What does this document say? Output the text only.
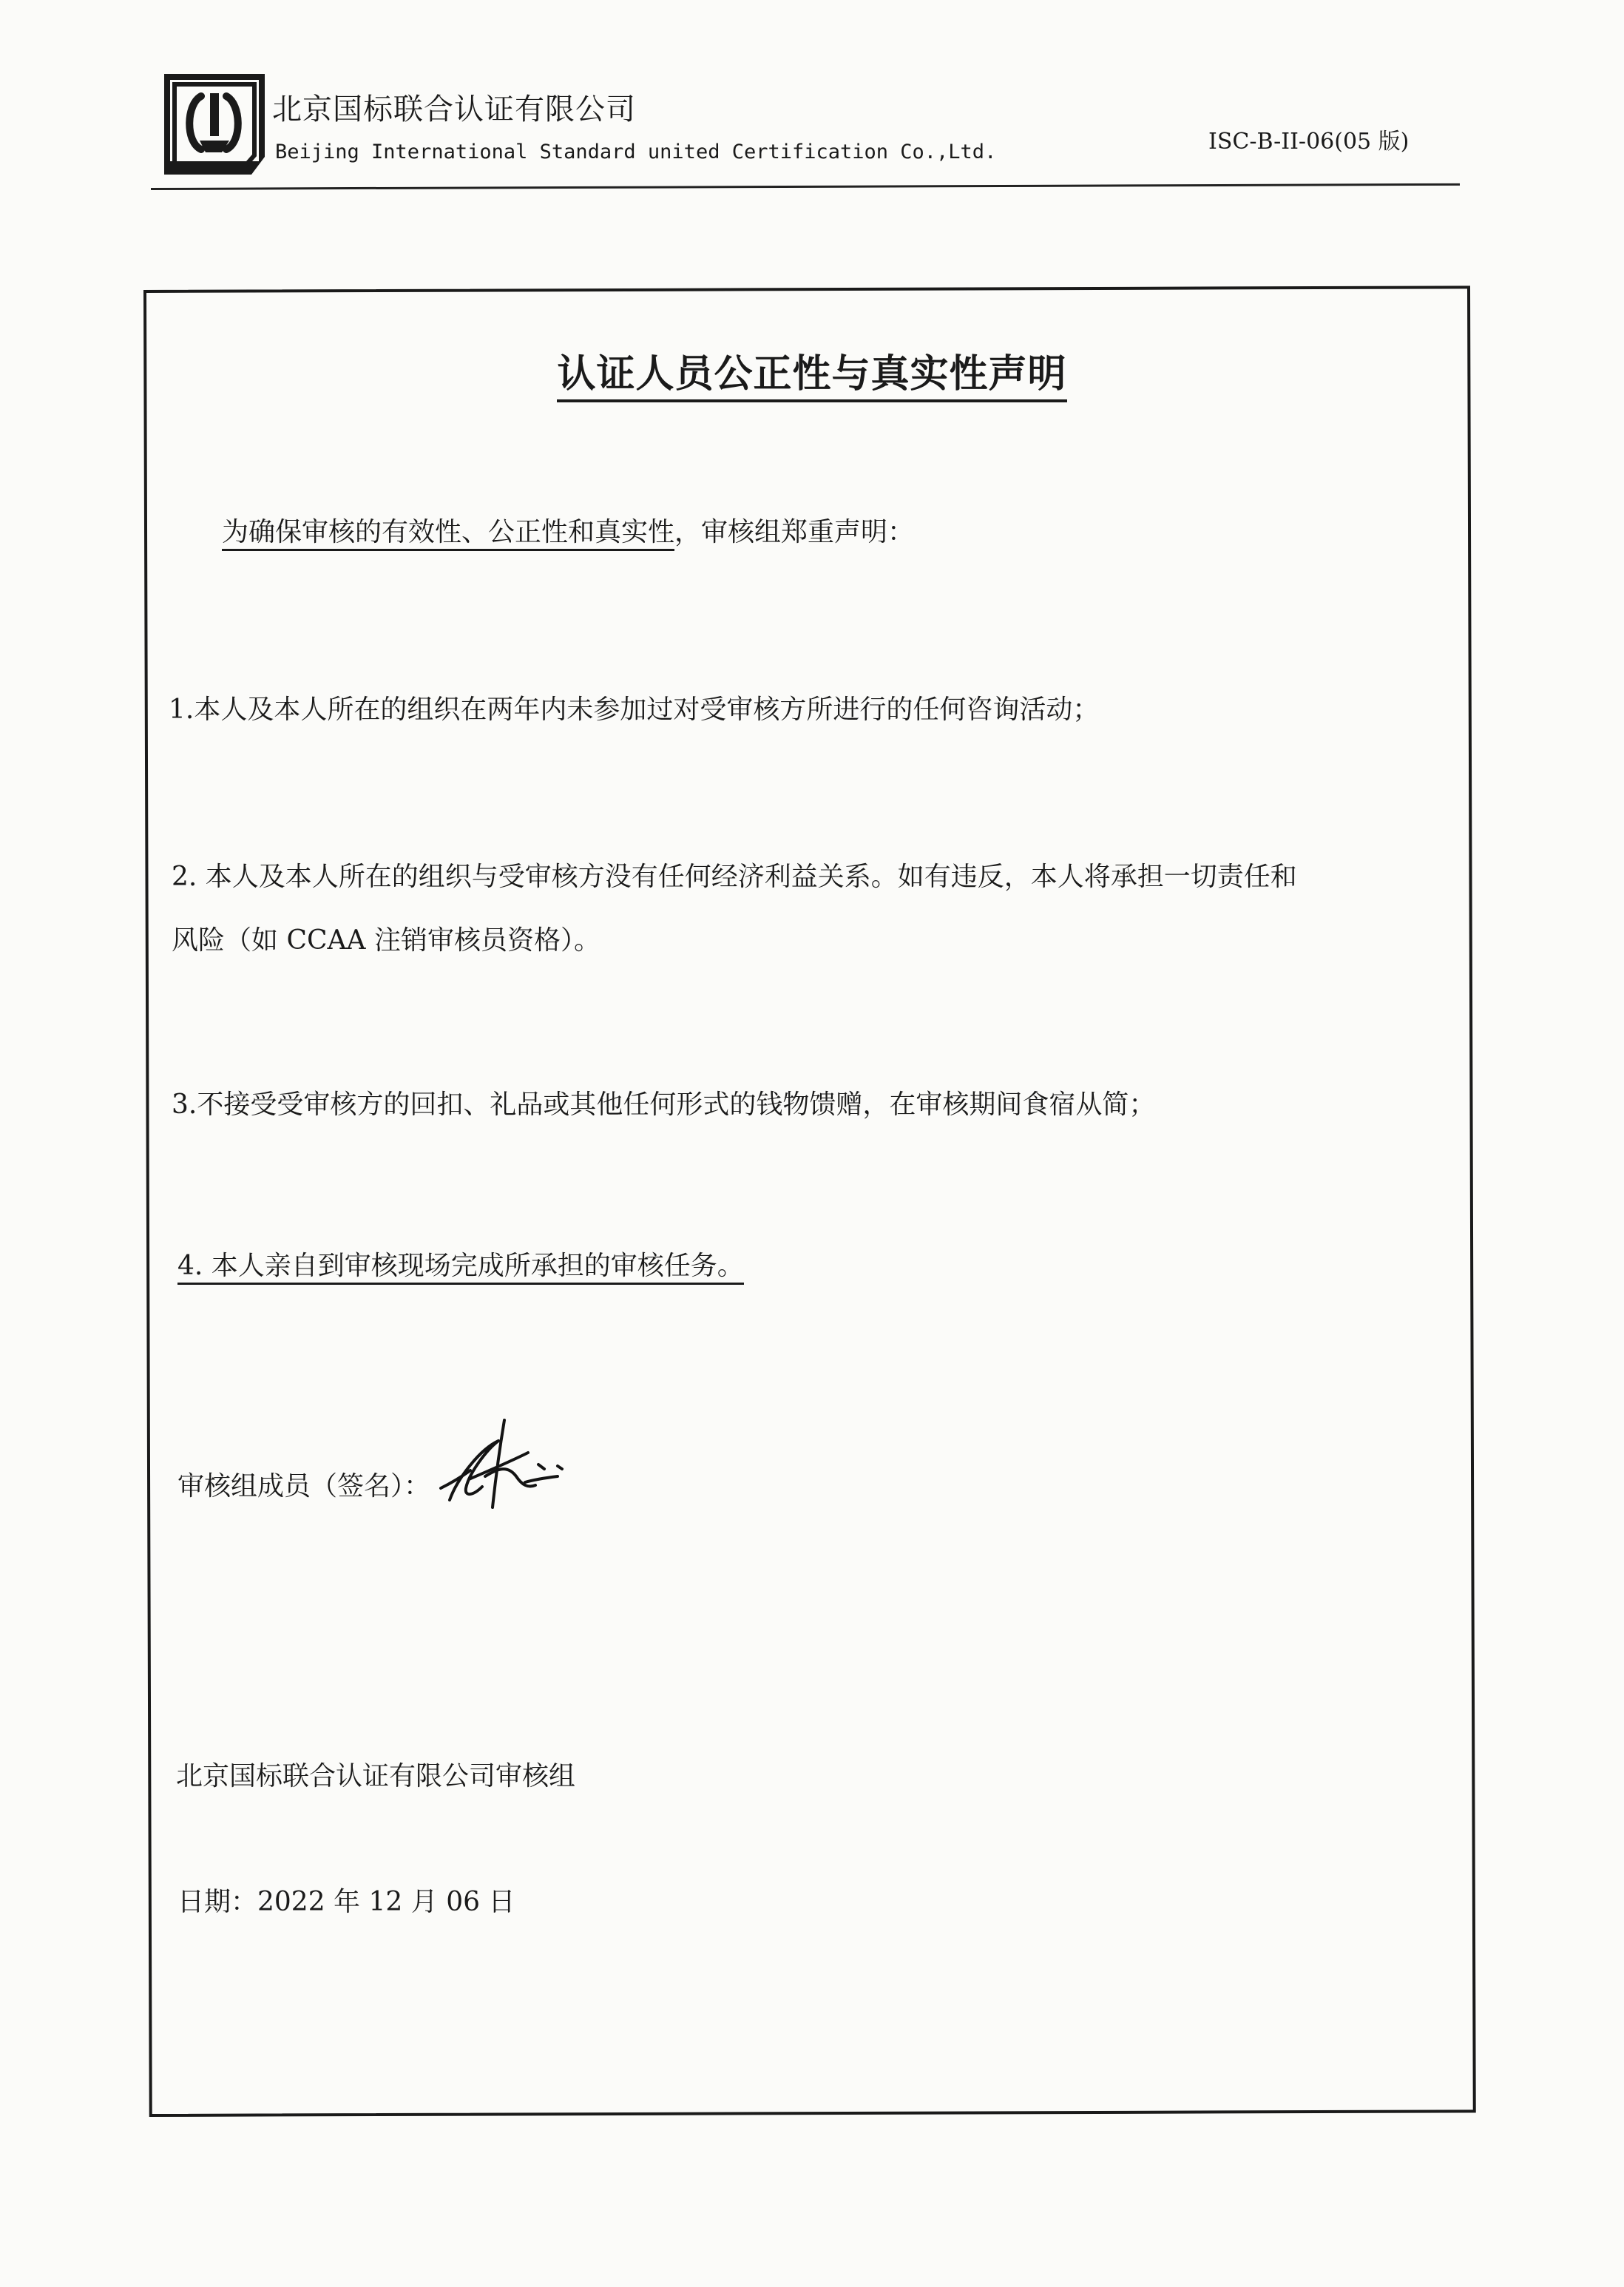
北京国标联合认证有限公司
Beijing International Standard united Certification Co.,Ltd.	ISC-B-II-06(05 版)
认证人员公正性与真实性声明
为确保审核的有效性、公正性和真实性，审核组郑重声明：
1.本人及本人所在的组织在两年内未参加过对受审核方所进行的任何咨询活动；
2. 本人及本人所在的组织与受审核方没有任何经济利益关系。如有违反，本人将承担一切责任和
风险（如 CCAA 注销审核员资格）。
3.不接受受审核方的回扣、礼品或其他任何形式的钱物馈赠，在审核期间食宿从简；
4. 本人亲自到审核现场完成所承担的审核任务。
审核组成员（签名）：
北京国标联合认证有限公司审核组
日期：2022 年 12 月 06 日
